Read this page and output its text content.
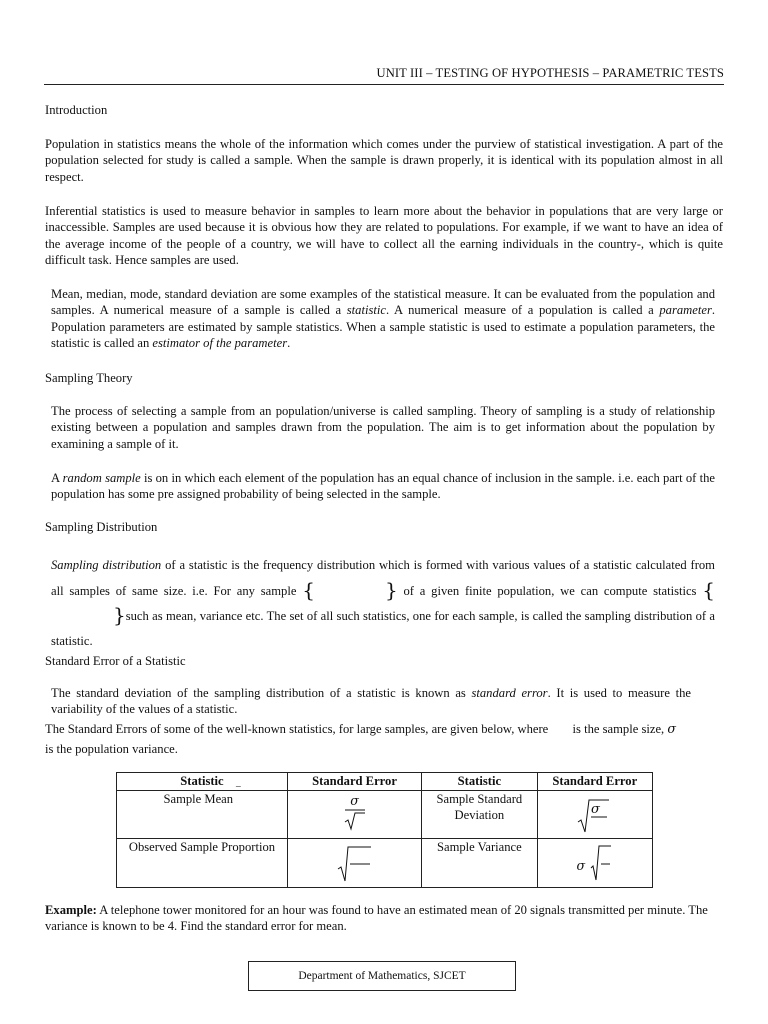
UNIT III – TESTING OF HYPOTHESIS – PARAMETRIC TESTS
Introduction
Population in statistics means the whole of the information which comes under the purview of statistical investigation. A part of the population selected for study is called a sample. When the sample is drawn properly, it is identical with its population almost in all respect.
Inferential statistics is used to measure behavior in samples to learn more about the behavior in populations that are very large or inaccessible. Samples are used because it is obvious how they are related to populations. For example, if we want to have an idea of the average income of the people of a country, we will have to collect all the earning individuals in the country-, which is quite difficult task. Hence samples are used.
Mean, median, mode, standard deviation are some examples of the statistical measure. It can be evaluated from the population and samples. A numerical measure of a sample is called a statistic. A numerical measure of a population is called a parameter. Population parameters are estimated by sample statistics. When a sample statistic is used to estimate a population parameters, the statistic is called an estimator of the parameter.
Sampling Theory
The process of selecting a sample from an population/universe is called sampling. Theory of sampling is a study of relationship existing between a population and samples drawn from the population. The aim is to get information about the population by examining a sample of it.
A random sample is on in which each element of the population has an equal chance of inclusion in the sample. i.e. each part of the population has some pre assigned probability of being selected in the sample.
Sampling Distribution
Sampling distribution of a statistic is the frequency distribution which is formed with various values of a statistic calculated from all samples of same size. i.e. For any sample {	} of a given finite population, we can compute statistics {}such as mean, variance etc. The set of all such statistics, one for each sample, is called the sampling distribution of a statistic.
Standard Error of a Statistic
The standard deviation of the sampling distribution of a statistic is known as standard error. It is used to measure the variability of the values of a statistic.
The Standard Errors of some of the well-known statistics, for large samples, are given below, where  is the sample size, σ is the population variance.
Statistic	Standard Error	Statistic	Standard Error
Sample Mean ‾	σ	Sample Standard Deviation	σ

Observed Sample Proportion		Sample Variance	σ
Example: A telephone tower monitored for an hour was found to have an estimated mean of 20 signals transmitted per minute. The variance is known to be 4. Find the standard error for mean.
Department of Mathematics, SJCET
